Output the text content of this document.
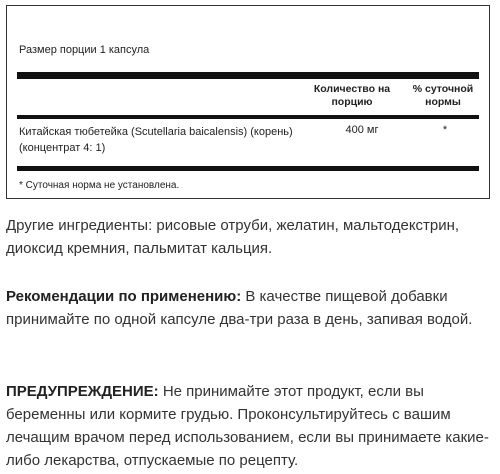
Размер порции 1 капсула
Количество на порцию
% суточной нормы
Китайская тюбетейка (Scutellaria baicalensis) (корень) (концентрат 4: 1)
400 мг	*
* Суточная норма не установлена.

Другие ингредиенты: рисовые отруби, желатин, мальтодекстрин, диоксид кремния, пальмитат кальция.

Рекомендации по применению: В качестве пищевой добавки принимайте по одной капсуле два-три раза в день, запивая водой.

ПРЕДУПРЕЖДЕНИЕ: Не принимайте этот продукт, если вы беременны или кормите грудью. Проконсультируйтесь с вашим лечащим врачом перед использованием, если вы принимаете какие-либо лекарства, отпускаемые по рецепту.
